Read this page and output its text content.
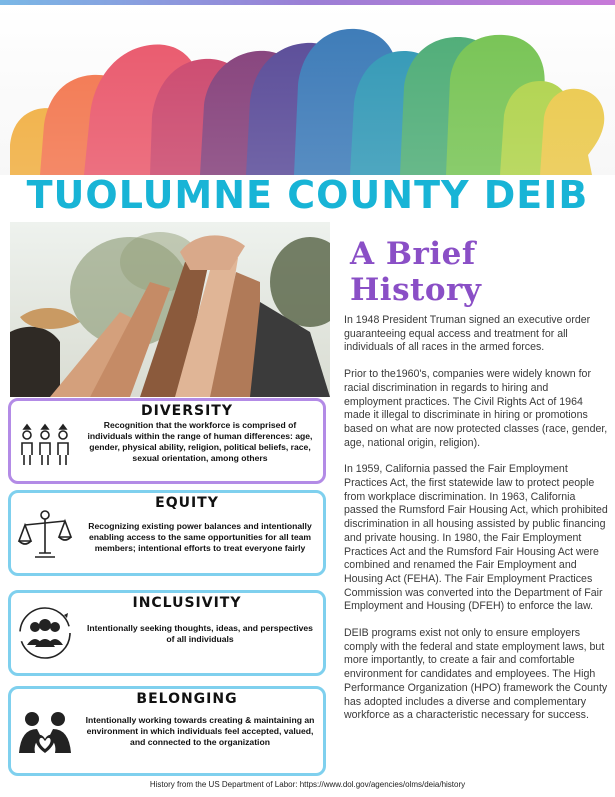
TUOLUMNE COUNTY DEIB
DIVERSITY
Recognition that the workforce is comprised of individuals within the range of human differences: age, gender, physical ability, religion, political beliefs, race, sexual orientation, among others
EQUITY
Recognizing existing power balances and intentionally enabling access to the same opportunities for all team members; intentional efforts to treat everyone fairly
INCLUSIVITY
Intentionally seeking thoughts, ideas, and perspectives of all individuals
BELONGING
Intentionally working towards creating & maintaining an environment in which individuals feel accepted, valued, and connected to the organization
A Brief History

In 1948 President Truman signed an executive order guaranteeing equal access and treatment for all individuals of all races in the armed forces.

Prior to the1960's, companies were widely known for racial discrimination in regards to hiring and employment practices. The Civil Rights Act of 1964 made it illegal to discriminate in hiring or promotions based on what are now protected classes (race, gender, age, national origin, religion).

In 1959, California passed the Fair Employment Practices Act, the first statewide law to protect people from workplace discrimination. In 1963, California passed the Rumsford Fair Housing Act, which prohibited discrimination in all housing assisted by public financing and private housing. In 1980, the Fair Employment Practices Act and the Rumsford Fair Housing Act were combined and renamed the Fair Employment and Housing Act (FEHA). The Fair Employment Practices Commission was converted into the Department of Fair Employment and Housing (DFEH) to enforce the law.

DEIB programs exist not only to ensure employers comply with the federal and state employment laws, but more importantly, to create a fair and comfortable environment for candidates and employees. The High Performance Organization (HPO) framework the County has adopted includes a diverse and complementary workforce as a characteristic necessary for success.

History from the US Department of Labor: https://www.dol.gov/agencies/olms/deia/history
